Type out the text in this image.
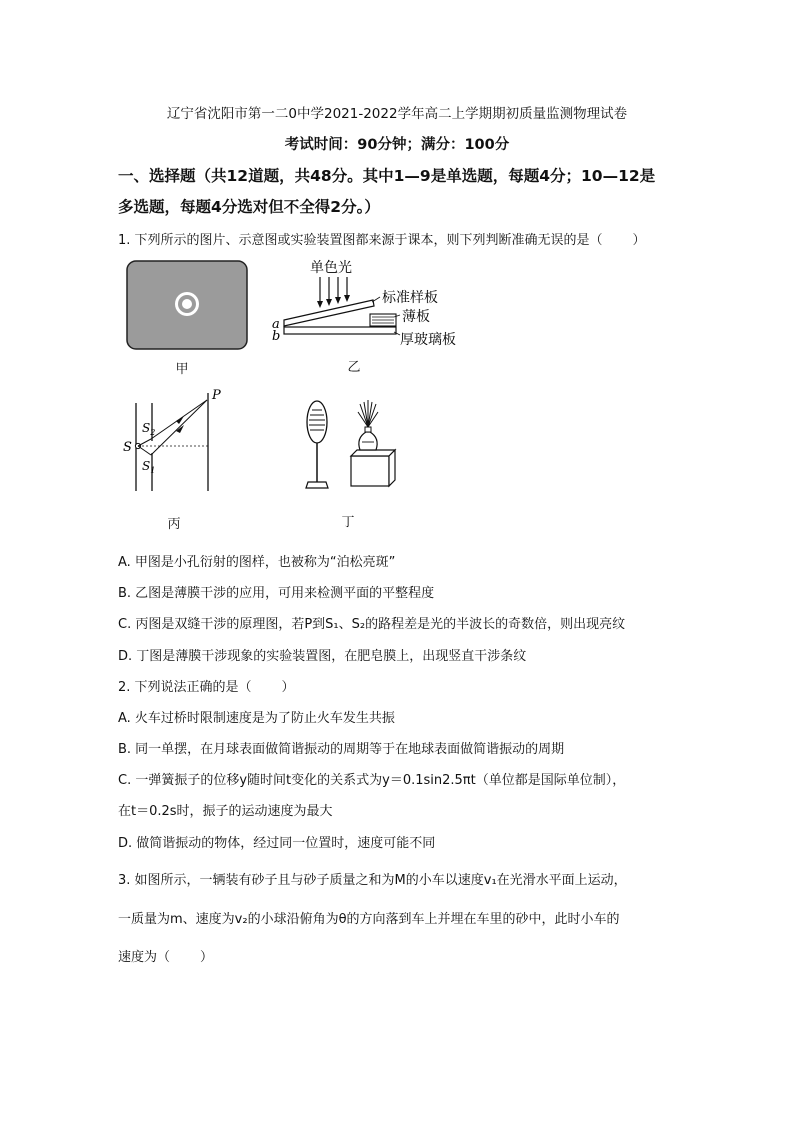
辽宁省沈阳市第一二0中学2021-2022学年高二上学期期初质量监测物理试卷
考试时间：90分钟；满分：100分
一、选择题（共12道题，共48分。其中1—9是单选题，每题4分；10—12是
多选题，每题4分选对但不全得2分。）
1. 下列所示的图片、示意图或实验装置图都来源于课本，则下列判断准确无误的是（ ）
甲
单色光
标准样板
薄板
厚玻璃板
a
b
乙
P
S
$S_2$
$S_1$
丙	丁
A. 甲图是小孔衍射的图样，也被称为“泊松亮斑”
B. 乙图是薄膜干涉的应用，可用来检测平面的平整程度
C. 丙图是双缝干涉的原理图，若P到S₁、S₂的路程差是光的半波长的奇数倍，则出现亮纹
D. 丁图是薄膜干涉现象的实验装置图，在肥皂膜上，出现竖直干涉条纹
2. 下列说法正确的是（ ）
A. 火车过桥时限制速度是为了防止火车发生共振
B. 同一单摆，在月球表面做简谐振动的周期等于在地球表面做简谐振动的周期
C. 一弹簧振子的位移y随时间t变化的关系式为y＝0.1sin2.5πt（单位都是国际单位制），
在t＝0.2s时，振子的运动速度为最大
D. 做简谐振动的物体，经过同一位置时，速度可能不同
3. 如图所示，一辆装有砂子且与砂子质量之和为M的小车以速度v₁在光滑水平面上运动，
一质量为m、速度为v₂的小球沿俯角为θ的方向落到车上并埋在车里的砂中，此时小车的
速度为（ ）
